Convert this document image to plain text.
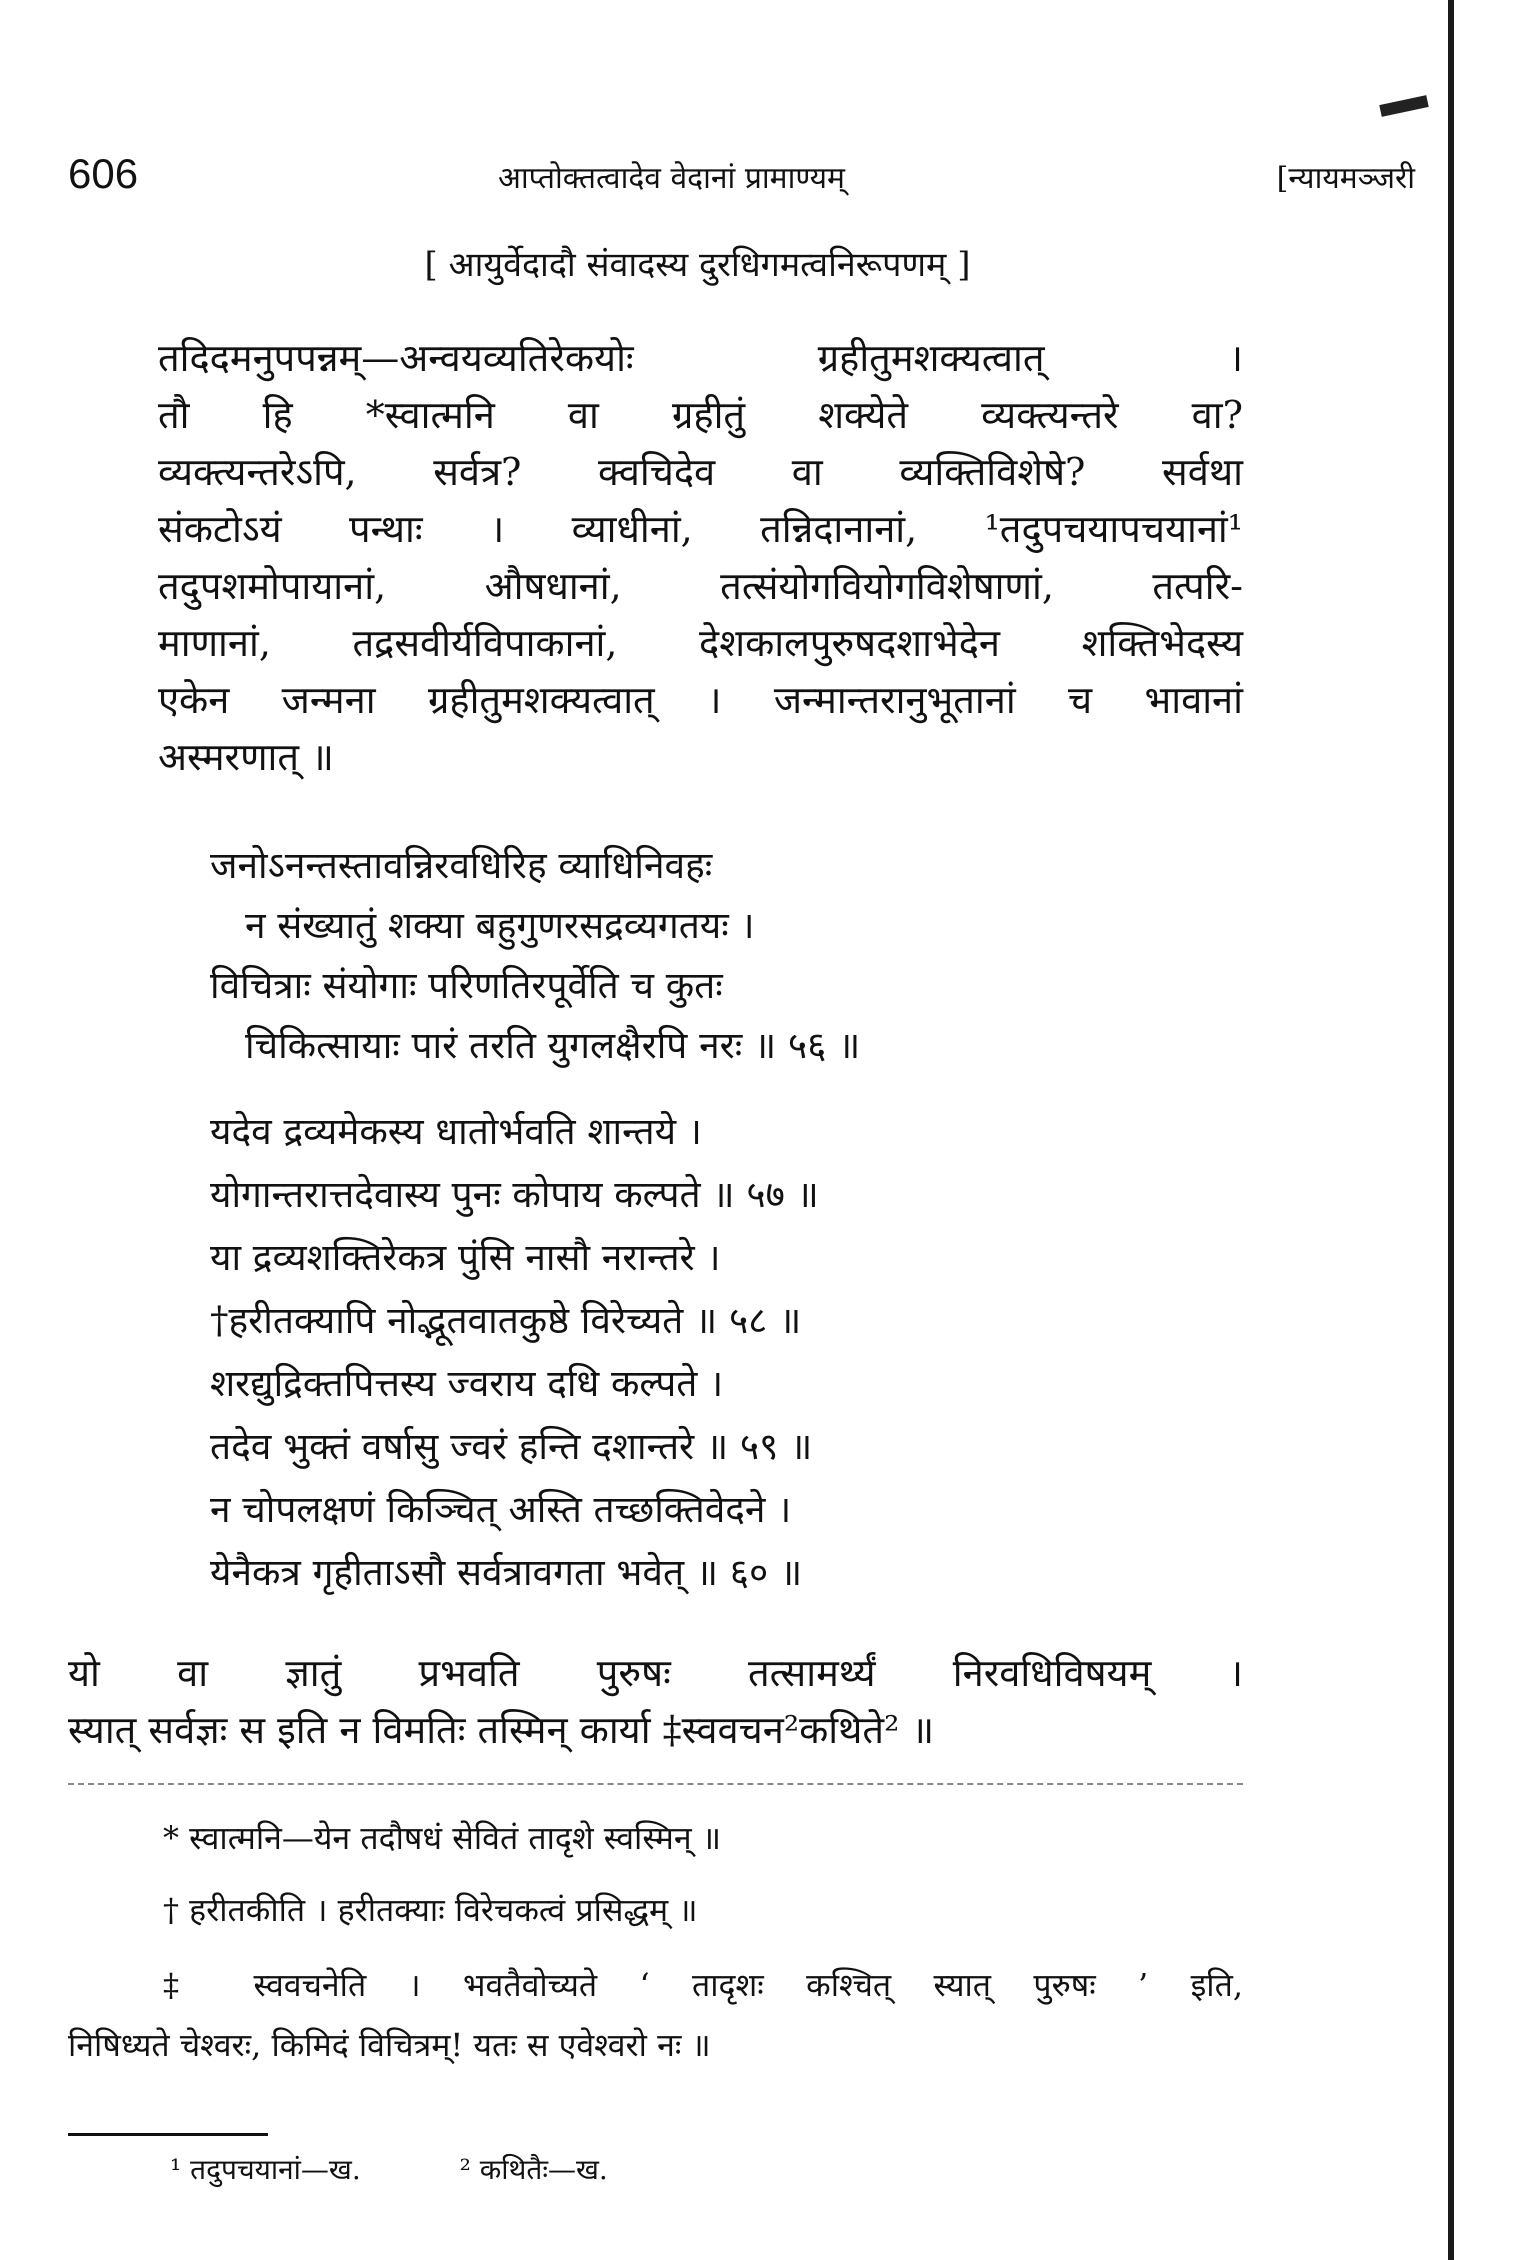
606	आप्तोक्तत्वादेव वेदानां प्रामाण्यम्	[न्यायमञ्जरी
[ आयुर्वेदादौ संवादस्य दुरधिगमत्वनिरूपणम् ]
तदिदमनुपपन्नम्—अन्वयव्यतिरेकयोः ग्रहीतुमशक्यत्वात् ।
तौ हि *स्वात्मनि वा ग्रहीतुं शक्येते व्यक्त्यन्तरे वा?
व्यक्त्यन्तरेऽपि, सर्वत्र? क्वचिदेव वा व्यक्तिविशेषे? सर्वथा
संकटोऽयं पन्थाः । व्याधीनां, तन्निदानानां, ¹तदुपचयापचयानां¹
तदुपशमोपायानां, औषधानां, तत्संयोगवियोगविशेषाणां, तत्परि-
माणानां, तद्रसवीर्यविपाकानां, देशकालपुरुषदशाभेदेन शक्तिभेदस्य
एकेन जन्मना ग्रहीतुमशक्यत्वात् । जन्मान्तरानुभूतानां च भावानां
अस्मरणात् ॥
जनोऽनन्तस्तावन्निरवधिरिह व्याधिनिवहः
न संख्यातुं शक्या बहुगुणरसद्रव्यगतयः ।
विचित्राः संयोगाः परिणतिरपूर्वेति च कुतः
चिकित्सायाः पारं तरति युगलक्षैरपि नरः ॥ ५६ ॥
यदेव द्रव्यमेकस्य धातोर्भवति शान्तये ।
योगान्तरात्तदेवास्य पुनः कोपाय कल्पते ॥ ५७ ॥
या द्रव्यशक्तिरेकत्र पुंसि नासौ नरान्तरे ।
†हरीतक्यापि नोद्भूतवातकुष्ठे विरेच्यते ॥ ५८ ॥
शरद्युद्रिक्तपित्तस्य ज्वराय दधि कल्पते ।
तदेव भुक्तं वर्षासु ज्वरं हन्ति दशान्तरे ॥ ५९ ॥
न चोपलक्षणं किञ्चित् अस्ति तच्छक्तिवेदने ।
येनैकत्र गृहीताऽसौ सर्वत्रावगता भवेत् ॥ ६० ॥
यो वा ज्ञातुं प्रभवति पुरुषः तत्सामर्थ्यं निरवधिविषयम् ।
स्यात् सर्वज्ञः स इति न विमतिः तस्मिन् कार्या ‡स्ववचन²कथिते² ॥
* स्वात्मनि—येन तदौषधं सेवितं तादृशे स्वस्मिन् ॥
† हरीतकीति । हरीतक्याः विरेचकत्वं प्रसिद्धम् ॥
‡ स्ववचनेति । भवतैवोच्यते ‘ तादृशः कश्चित् स्यात् पुरुषः ’ इति,
निषिध्यते चेश्वरः, किमिदं विचित्रम्! यतः स एवेश्वरो नः ॥
¹ तदुपचयानां—ख.	² कथितैः—ख.
